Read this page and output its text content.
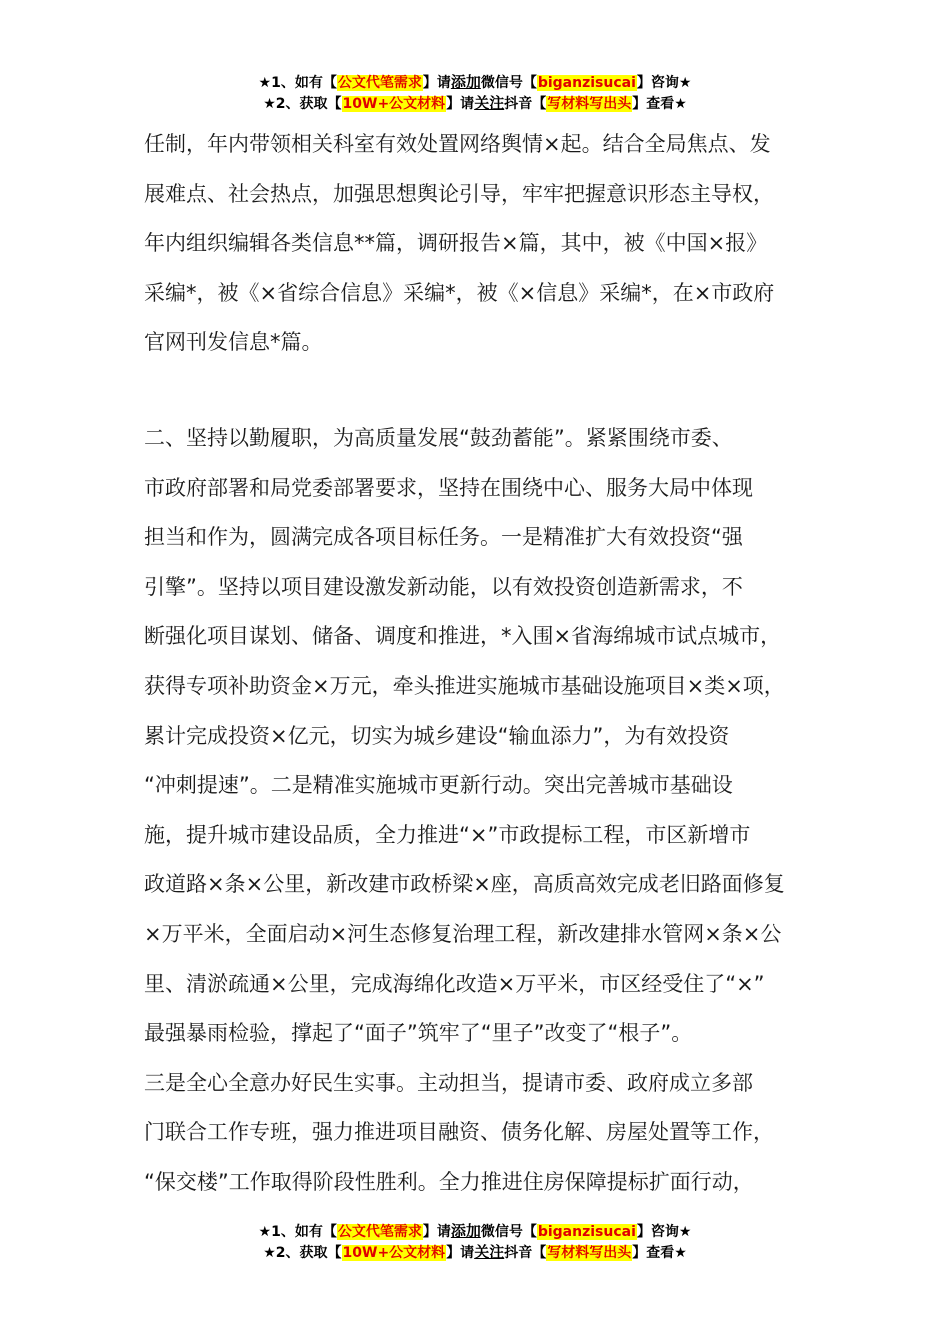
★1、如有【公文代笔需求】请添加微信号【biganzisucai】咨询★
★2、获取【10W+公文材料】请关注抖音【写材料写出头】查看★
任制，年内带领相关科室有效处置网络舆情×起。结合全局焦点、发
展难点、社会热点，加强思想舆论引导，牢牢把握意识形态主导权，
年内组织编辑各类信息**篇，调研报告×篇，其中，被《中国×报》
采编*，被《×省综合信息》采编*，被《×信息》采编*，在×市政府
官网刊发信息*篇。
二、坚持以勤履职，为高质量发展“鼓劲蓄能”。紧紧围绕市委、
市政府部署和局党委部署要求，坚持在围绕中心、服务大局中体现
担当和作为，圆满完成各项目标任务。一是精准扩大有效投资“强
引擎”。坚持以项目建设激发新动能，以有效投资创造新需求，不
断强化项目谋划、储备、调度和推进，*入围×省海绵城市试点城市，
获得专项补助资金×万元，牵头推进实施城市基础设施项目×类×项，
累计完成投资×亿元，切实为城乡建设“输血添力”，为有效投资
“冲刺提速”。二是精准实施城市更新行动。突出完善城市基础设
施，提升城市建设品质，全力推进“×”市政提标工程，市区新增市
政道路×条×公里，新改建市政桥梁×座，高质高效完成老旧路面修复
×万平米，全面启动×河生态修复治理工程，新改建排水管网×条×公
里、清淤疏通×公里，完成海绵化改造×万平米，市区经受住了“×”
最强暴雨检验，撑起了“面子”筑牢了“里子”改变了“根子”。
三是全心全意办好民生实事。主动担当，提请市委、政府成立多部
门联合工作专班，强力推进项目融资、债务化解、房屋处置等工作，
“保交楼”工作取得阶段性胜利。全力推进住房保障提标扩面行动，
★1、如有【公文代笔需求】请添加微信号【biganzisucai】咨询★
★2、获取【10W+公文材料】请关注抖音【写材料写出头】查看★
